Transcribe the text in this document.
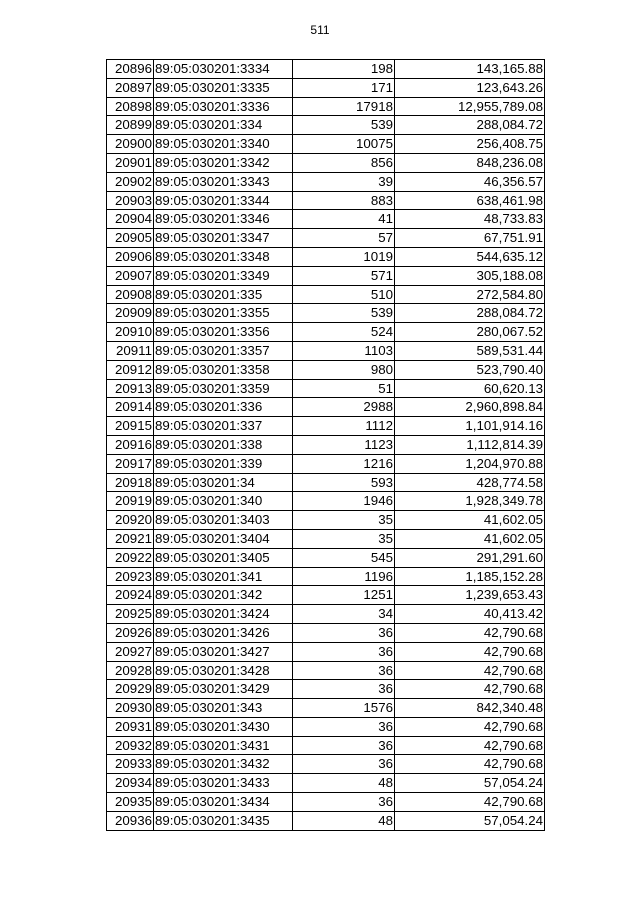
511
20896	89:05:030201:3334	198	143,165.88
20897	89:05:030201:3335	171	123,643.26
20898	89:05:030201:3336	17918	12,955,789.08
20899	89:05:030201:334	539	288,084.72
20900	89:05:030201:3340	10075	256,408.75
20901	89:05:030201:3342	856	848,236.08
20902	89:05:030201:3343	39	46,356.57
20903	89:05:030201:3344	883	638,461.98
20904	89:05:030201:3346	41	48,733.83
20905	89:05:030201:3347	57	67,751.91
20906	89:05:030201:3348	1019	544,635.12
20907	89:05:030201:3349	571	305,188.08
20908	89:05:030201:335	510	272,584.80
20909	89:05:030201:3355	539	288,084.72
20910	89:05:030201:3356	524	280,067.52
20911	89:05:030201:3357	1103	589,531.44
20912	89:05:030201:3358	980	523,790.40
20913	89:05:030201:3359	51	60,620.13
20914	89:05:030201:336	2988	2,960,898.84
20915	89:05:030201:337	1112	1,101,914.16
20916	89:05:030201:338	1123	1,112,814.39
20917	89:05:030201:339	1216	1,204,970.88
20918	89:05:030201:34	593	428,774.58
20919	89:05:030201:340	1946	1,928,349.78
20920	89:05:030201:3403	35	41,602.05
20921	89:05:030201:3404	35	41,602.05
20922	89:05:030201:3405	545	291,291.60
20923	89:05:030201:341	1196	1,185,152.28
20924	89:05:030201:342	1251	1,239,653.43
20925	89:05:030201:3424	34	40,413.42
20926	89:05:030201:3426	36	42,790.68
20927	89:05:030201:3427	36	42,790.68
20928	89:05:030201:3428	36	42,790.68
20929	89:05:030201:3429	36	42,790.68
20930	89:05:030201:343	1576	842,340.48
20931	89:05:030201:3430	36	42,790.68
20932	89:05:030201:3431	36	42,790.68
20933	89:05:030201:3432	36	42,790.68
20934	89:05:030201:3433	48	57,054.24
20935	89:05:030201:3434	36	42,790.68
20936	89:05:030201:3435	48	57,054.24
